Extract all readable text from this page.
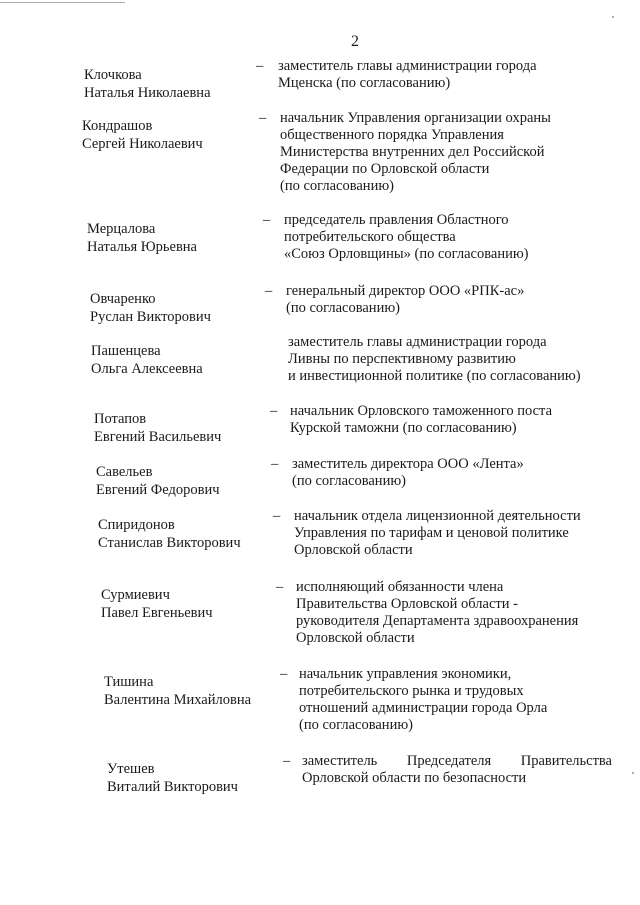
2
Клочкова
Наталья Николаевна
– заместитель главы администрации города
Мценска (по согласованию)
Кондрашов
Сергей Николаевич
– начальник Управления организации охраны
общественного порядка Управления
Министерства внутренних дел Российской
Федерации по Орловской области
(по согласованию)
Мерцалова
Наталья Юрьевна
– председатель правления Областного
потребительского общества
«Союз Орловщины» (по согласованию)
Овчаренко
Руслан Викторович
– генеральный директор ООО «РПК-ас»
(по согласованию)
Пашенцева
Ольга Алексеевна
заместитель главы администрации города
Ливны по перспективному развитию
и инвестиционной политике (по согласованию)
Потапов
Евгений Васильевич
– начальник Орловского таможенного поста
Курской таможни (по согласованию)
Савельев
Евгений Федорович
– заместитель директора ООО «Лента»
(по согласованию)
Спиридонов
Станислав Викторович
– начальник отдела лицензионной деятельности
Управления по тарифам и ценовой политике
Орловской области
Сурмиевич
Павел Евгеньевич
– исполняющий обязанности члена
Правительства Орловской области -
руководителя Департамента здравоохранения
Орловской области
Тишина
Валентина Михайловна
– начальник управления экономики,
потребительского рынка и трудовых
отношений администрации города Орла
(по согласованию)
Утешев
Виталий Викторович
– заместитель Председателя Правительства
Орловской области по безопасности
